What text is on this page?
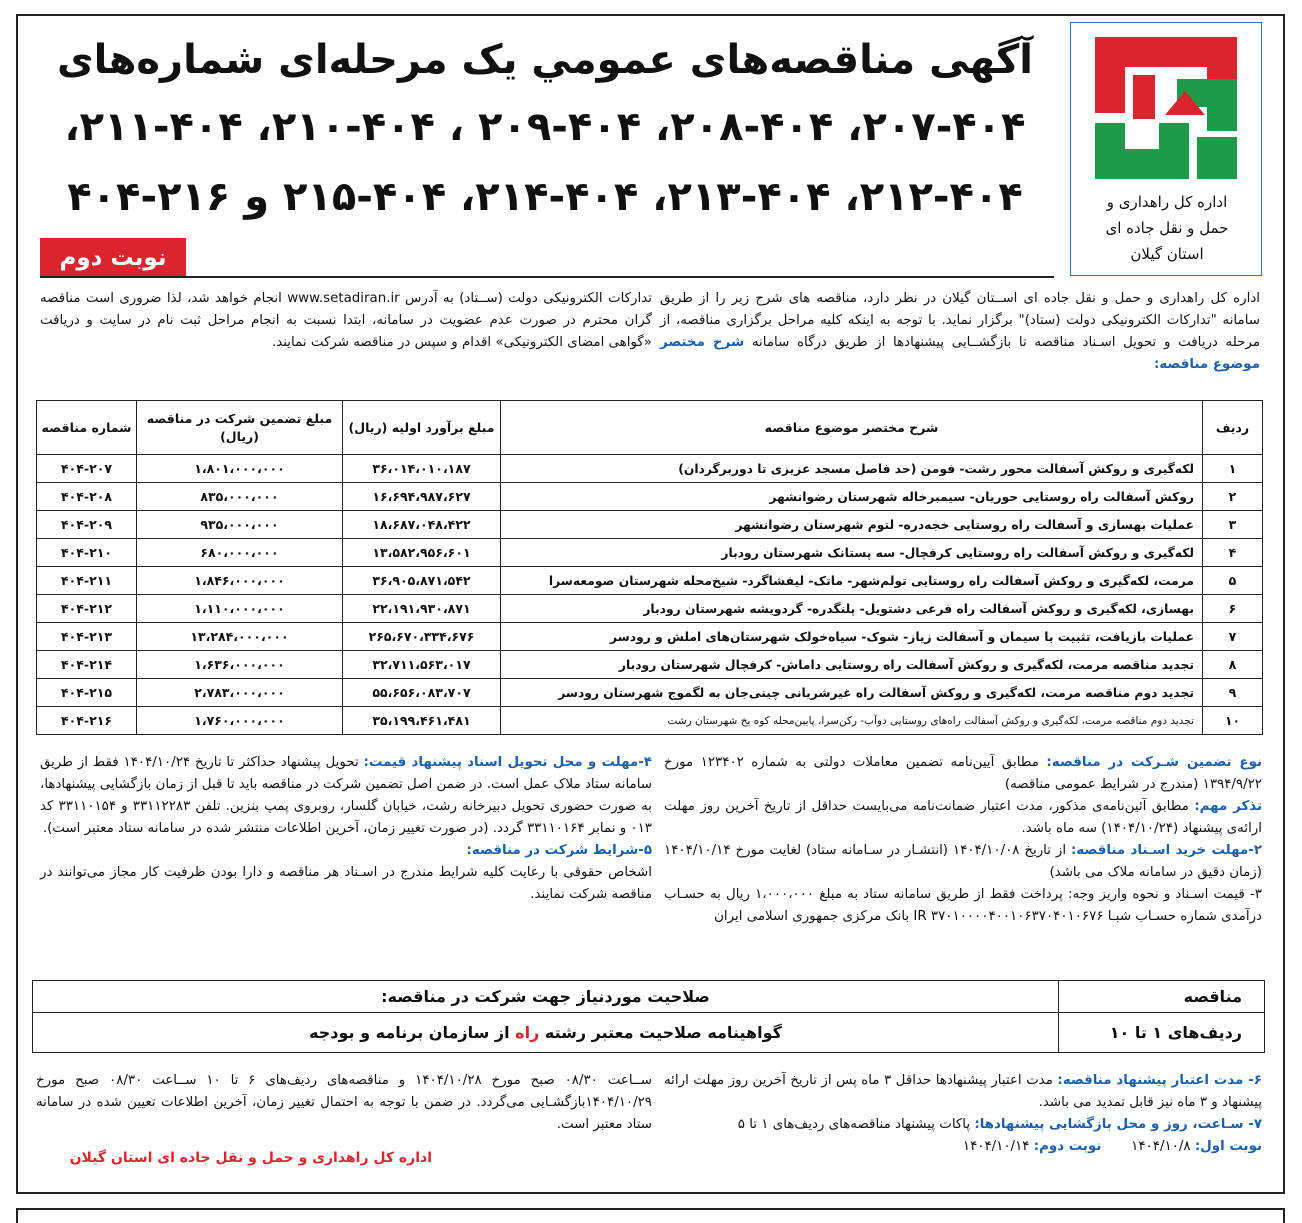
اداره کل راهداری و
حمل و نقل جاده ای
استان گیلان
آگهی مناقصه‌های عمومي يک مرحله‌ای شماره‌های
۲۰۷-۴۰۴، ۲۰۸-۴۰۴، ۲۰۹-۴۰۴ ، ۲۱۰-۴۰۴، ۲۱۱-۴۰۴،
۲۱۲-۴۰۴، ۲۱۳-۴۰۴، ۲۱۴-۴۰۴، ۲۱۵-۴۰۴ و ۲۱۶-۴۰۴
نوبت دوم
اداره کل راهداری و حمل و نقل جاده ای اســتان گیلان در نظر دارد، مناقصه های شرح زیر را از طریق سامانه "تدارکات الکترونیکی دولت (ستاد)" برگزار نماید. با توجه به اینکه کلیه مراحل برگزاری مناقصه، از مرحله دریافت و تحویل اسـناد مناقصه تا بازگشــایی پیشنهادها از طریق درگاه سامانه شرح مختصر موضوع مناقصه:
تدارکات الکترونیکی دولت (ســتاد) به آدرس www.setadiran.ir انجام خواهد شد، لذا ضروری است مناقصه گران محترم در صورت عدم عضویت در سامانه، ابتدا نسبت به انجام مراحل ثبت نام در سایت و دریافت «گواهی امضای الکترونیکی» اقدام و سپس در مناقصه شرکت نمایند.
ردیف	شرح مختصر موضوع مناقصه	مبلغ برآورد اولیه (ریال)	مبلغ تضمین شرکت در مناقصه (ریال)	شماره مناقصه
۱	لکه‌گیری و روکش آسفالت محور رشت- فومن (حد فاصل مسجد عزیزی تا دوربرگردان)	۳۶،۰۱۴،۰۱۰،۱۸۷	۱،۸۰۱،۰۰۰،۰۰۰	۴۰۴-۲۰۷
۲	روکش آسفالت راه روستایی حوریان- سیمبرخاله شهرستان رضوانشهر	۱۶،۶۹۴،۹۸۷،۶۲۷	۸۳۵،۰۰۰،۰۰۰	۴۰۴-۲۰۸
۳	عملیات بهسازی و آسفالت راه روستایی خجه‌دره- لتوم شهرستان رضوانشهر	۱۸،۶۸۷،۰۴۸،۴۲۲	۹۳۵،۰۰۰،۰۰۰	۴۰۴-۲۰۹
۴	لکه‌گیری و روکش آسفالت راه روستایی کرفچال- سه پستانک شهرستان رودبار	۱۳،۵۸۲،۹۵۶،۶۰۱	۶۸۰،۰۰۰،۰۰۰	۴۰۴-۲۱۰
۵	مرمت، لکه‌گیری و روکش آسفالت راه روستایی تولم‌شهر- ماتک- لیفشاگرد- شیخ‌محله شهرستان صومعه‌سرا	۳۶،۹۰۵،۸۷۱،۵۴۲	۱،۸۴۶،۰۰۰،۰۰۰	۴۰۴-۲۱۱
۶	بهسازی، لکه‌گیری و روکش آسفالت راه فرعی دشتویل- پلنگدره- گردویشه شهرستان رودبار	۲۲،۱۹۱،۹۳۰،۸۷۱	۱،۱۱۰،۰۰۰،۰۰۰	۴۰۴-۲۱۲
۷	عملیات بازیافت، تثبیت با سیمان و آسفالت زیاز- شوک- سیاه‌خولک شهرستان‌های املش و رودسر	۲۶۵،۶۷۰،۳۳۴،۶۷۶	۱۳،۲۸۴،۰۰۰،۰۰۰	۴۰۴-۲۱۳
۸	تجدید مناقصه مرمت، لکه‌گیری و روکش آسفالت راه روستایی داماش- کرفچال شهرستان رودبار	۳۲،۷۱۱،۵۶۳،۰۱۷	۱،۶۳۶،۰۰۰،۰۰۰	۴۰۴-۲۱۴
۹	تجدید دوم مناقصه مرمت، لکه‌گیری و روکش آسفالت راه غیرشریانی چینی‌جان به لگموج شهرستان رودسر	۵۵،۶۵۶،۰۸۳،۷۰۷	۲،۷۸۳،۰۰۰،۰۰۰	۴۰۴-۲۱۵
۱۰	تجدید دوم مناقصه مرمت، لکه‌گیری و روکش آسفالت راه‌های روستایی دوآب- رکن‌سرا، پایین‌محله کوه یخ شهرستان رشت	۳۵،۱۹۹،۴۶۱،۴۸۱	۱،۷۶۰،۰۰۰،۰۰۰	۴۰۴-۲۱۶
نوع تضمین شـرکت در مناقصه: مطابق آیین‌نامه تضمین معاملات دولتی به شماره ۱۲۳۴۰۲ مورخ ۱۳۹۴/۹/۲۲ (مندرج در شرایط عمومی مناقصه)
تذکر مهم: مطابق آئین‌نامه‌ی مذکور، مدت اعتبار ضمانت‌نامه می‌بایست حداقل از تاریخ آخرین روز مهلت ارائه‌ی پیشنهاد (۱۴۰۴/۱۰/۲۴) سه ماه باشد.
۲-مهلت خرید اسـناد مناقصه: از تاریخ ۱۴۰۴/۱۰/۰۸ (انتشـار در سـامانه ستاد) لغایت مورخ ۱۴۰۴/۱۰/۱۴ (زمان دقیق در سامانه ملاک می باشد)
۳- قیمت اسـناد و نحوه واریز وجه: پرداخت فقط از طریق سامانه ستاد به مبلغ ۱،۰۰۰،۰۰۰ ریال به حسـاب درآمدی شماره حسـاب شبـا IR ۳۷۰۱۰۰۰۰۴۰۰۱۰۶۳۷۰۴۰۱۰۶۷۶ بانک مرکزی جمهوری اسلامی ایران
۴-مهلت و محل تحویل اسناد پیشنهاد قیمت: تحویل پیشنهاد حداکثر تا تاریخ ۱۴۰۴/۱۰/۲۴ فقط از طریق سامانه ستاد ملاک عمل است. در ضمن اصل تضمین شرکت در مناقصه باید تا قبل از زمان بازگشایی پیشنهادها، به صورت حضوری تحویل دبیرخانه رشت، خیابان گلسار، روبروی پمپ بنزین. تلفن ۳۳۱۱۲۲۸۳ و ۳۳۱۱۰۱۵۴ کد ۰۱۳ و نمابر ۳۳۱۱۰۱۶۴ گردد. (در صورت تغییر زمان، آخرین اطلاعات منتشر شده در سامانه ستاد معتبر است).
۵-شرایط شرکت در مناقصه:
اشخاص حقوقی با رعایت کلیه شرایط مندرج در اسـناد هر مناقصه و دارا بودن ظرفیت کار مجاز می‌توانند در مناقصه شرکت نمایند.
مناقصه	صلاحیت موردنیاز جهت شرکت در مناقصه:
ردیف‌های ۱ تا ۱۰	گواهینامه صلاحیت معتبر رشته راه از سازمان برنامه و بودجه
۶- مدت اعتبار پیشنهاد مناقصه: مدت اعتبار پیشنهادها حداقل ۳ ماه پس از تاریخ آخرین روز مهلت ارائه پیشنهاد و ۳ ماه نیز قابل تمدید می باشد.
۷- سـاعت، روز و محل بازگشایی پیشنهادها: پاکات پیشنهاد مناقصه‌های ردیف‌های ۱ تا ۵
نوبت اول: ۱۴۰۴/۱۰/۸       نوبت دوم: ۱۴۰۴/۱۰/۱۴
ســاعت ۰۸/۳۰ صبح مورخ ۱۴۰۴/۱۰/۲۸ و مناقصه‌های ردیف‌های ۶ تا ۱۰ ســاعت ۰۸/۳۰ صبح مورخ ۱۴۰۴/۱۰/۲۹بازگشـایی می‌گردد. در ضمن با توجه به احتمال تغییر زمان، آخرین اطلاعات تعیین شده در سامانه ستاد معتبر است.
اداره کل راهداری و حمل و نقل جاده ای استان گیلان
